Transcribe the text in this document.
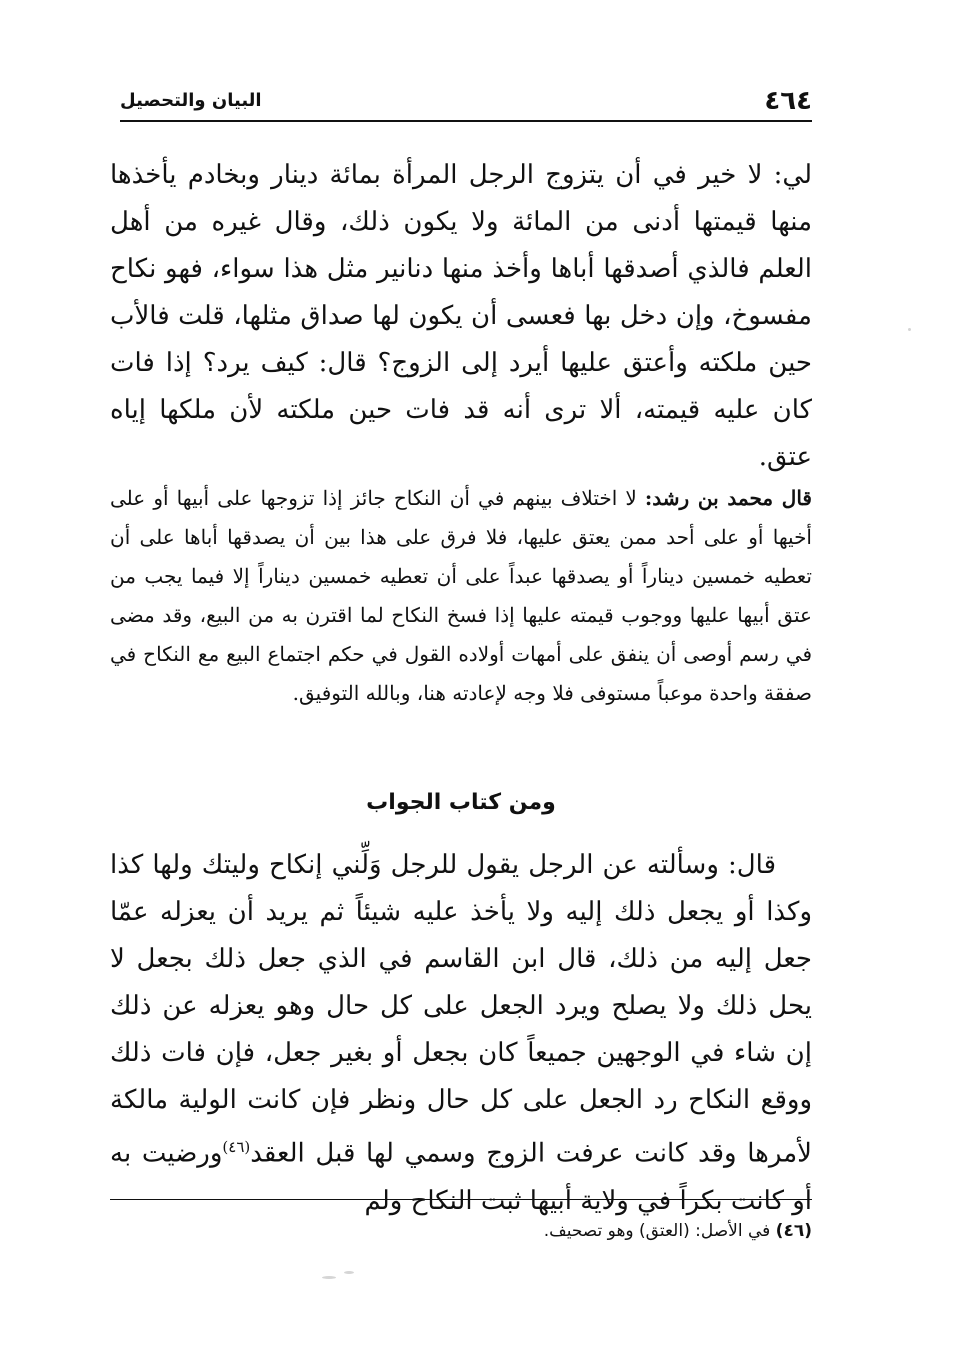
٤٦٤
البيان والتحصيل

لي: لا خير في أن يتزوج الرجل المرأة بمائة دينار وبخادم يأخذها منها قيمتها أدنى من المائة ولا يكون ذلك، وقال غيره من أهل العلم فالذي أصدقها أباها وأخذ منها دنانير مثل هذا سواء، فهو نكاح مفسوخ، وإن دخل بها فعسى أن يكون لها صداق مثلها، قلت فالأب حين ملكته وأعتق عليها أيرد إلى الزوج؟ قال: كيف يرد؟ إذا فات كان عليه قيمته، ألا ترى أنه قد فات حين ملكته لأن ملكها إياه عتق.

قال محمد بن رشد: لا اختلاف بينهم في أن النكاح جائز إذا تزوجها على أبيها أو على أخيها أو على أحد ممن يعتق عليها، فلا فرق على هذا بين أن يصدقها أباها على أن تعطيه خمسين ديناراً أو يصدقها عبداً على أن تعطيه خمسين ديناراً إلا فيما يجب من عتق أبيها عليها ووجوب قيمته عليها إذا فسخ النكاح لما اقترن به من البيع، وقد مضى في رسم أوصى أن ينفق على أمهات أولاده القول في حكم اجتماع البيع مع النكاح في صفقة واحدة موعباً مستوفى فلا وجه لإعادته هنا، وبالله التوفيق.

ومن كتاب الجواب

قال: وسألته عن الرجل يقول للرجل وَلِّني إنكاح وليتك ولها كذا وكذا أو يجعل ذلك إليه ولا يأخذ عليه شيئاً ثم يريد أن يعزله عمّا جعل إليه من ذلك، قال ابن القاسم في الذي جعل ذلك بجعل لا يحل ذلك ولا يصلح ويرد الجعل على كل حال وهو يعزله عن ذلك إن شاء في الوجهين جميعاً كان بجعل أو بغير جعل، فإن فات ذلك ووقع النكاح رد الجعل على كل حال ونظر فإن كانت الولية مالكة لأمرها وقد كانت عرفت الزوج وسمي لها قبل العقد$^{(٤٦)}$ورضيت به أو كانت بكراً في ولاية أبيها ثبت النكاح ولم

(٤٦) في الأصل: (العتق) وهو تصحيف.
